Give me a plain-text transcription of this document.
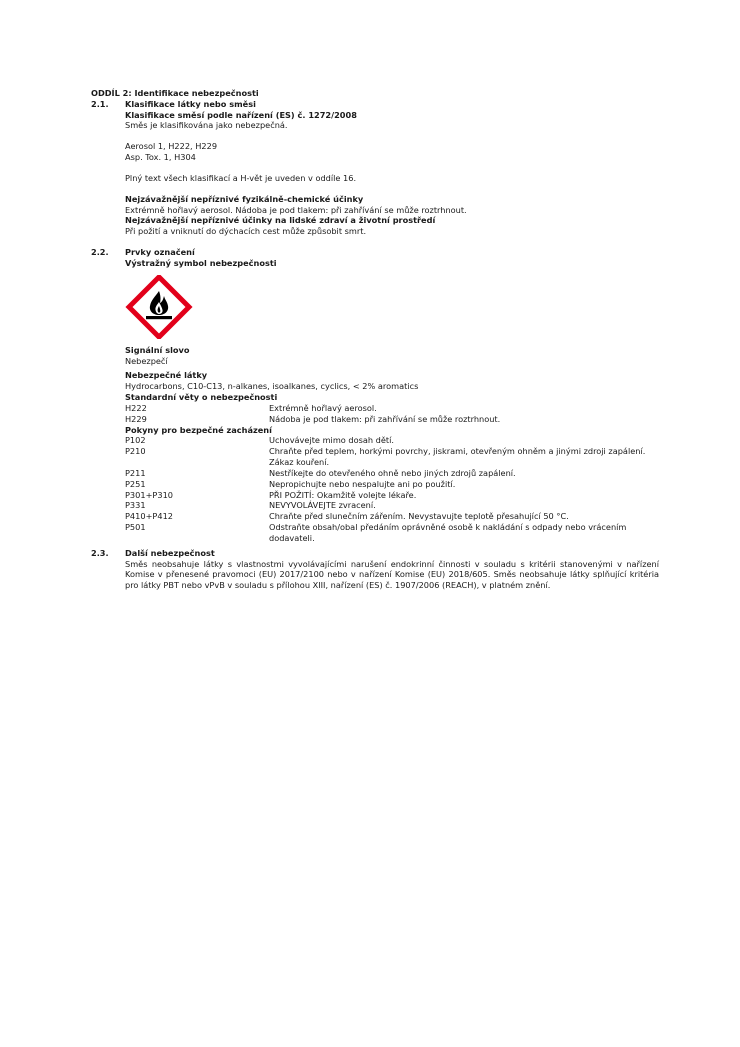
ODDÍL 2: Identifikace nebezpečnosti
2.1. Klasifikace látky nebo směsi
Klasifikace směsí podle nařízení (ES) č. 1272/2008
Směs je klasifikována jako nebezpečná.
Aerosol 1, H222, H229
Asp. Tox. 1, H304
Plný text všech klasifikací a H-vět je uveden v oddíle 16.
Nejzávažnější nepříznivé fyzikálně-chemické účinky
Extrémně hořlavý aerosol. Nádoba je pod tlakem: při zahřívání se může roztrhnout.
Nejzávažnější nepříznivé účinky na lidské zdraví a životní prostředí
Při požití a vniknutí do dýchacích cest může způsobit smrt.
2.2. Prvky označení
Výstražný symbol nebezpečnosti
Signální slovo
Nebezpečí
Nebezpečné látky
Hydrocarbons, C10-C13, n-alkanes, isoalkanes, cyclics, < 2% aromatics
Standardní věty o nebezpečnosti
H222	Extrémně hořlavý aerosol.
H229	Nádoba je pod tlakem: při zahřívání se může roztrhnout.
Pokyny pro bezpečné zacházení
P102	Uchovávejte mimo dosah dětí.
P210	Chraňte před teplem, horkými povrchy, jiskrami, otevřeným ohněm a jinými zdroji zapálení. Zákaz kouření.
P211	Nestříkejte do otevřeného ohně nebo jiných zdrojů zapálení.
P251	Nepropichujte nebo nespalujte ani po použití.
P301+P310	PŘI POŽITÍ: Okamžitě volejte lékaře.
P331	NEVYVOLÁVEJTE zvracení.
P410+P412	Chraňte před slunečním zářením. Nevystavujte teplotě přesahující 50 °C.
P501	Odstraňte obsah/obal předáním oprávněné osobě k nakládání s odpady nebo vrácením dodavateli.
2.3. Další nebezpečnost
Směs neobsahuje látky s vlastnostmi vyvolávajícími narušení endokrinní činnosti v souladu s kritérii stanovenými v nařízení Komise v přenesené pravomoci (EU) 2017/2100 nebo v nařízení Komise (EU) 2018/605. Směs neobsahuje látky splňující kritéria pro látky PBT nebo vPvB v souladu s přílohou XIII, nařízení (ES) č. 1907/2006 (REACH), v platném znění.
